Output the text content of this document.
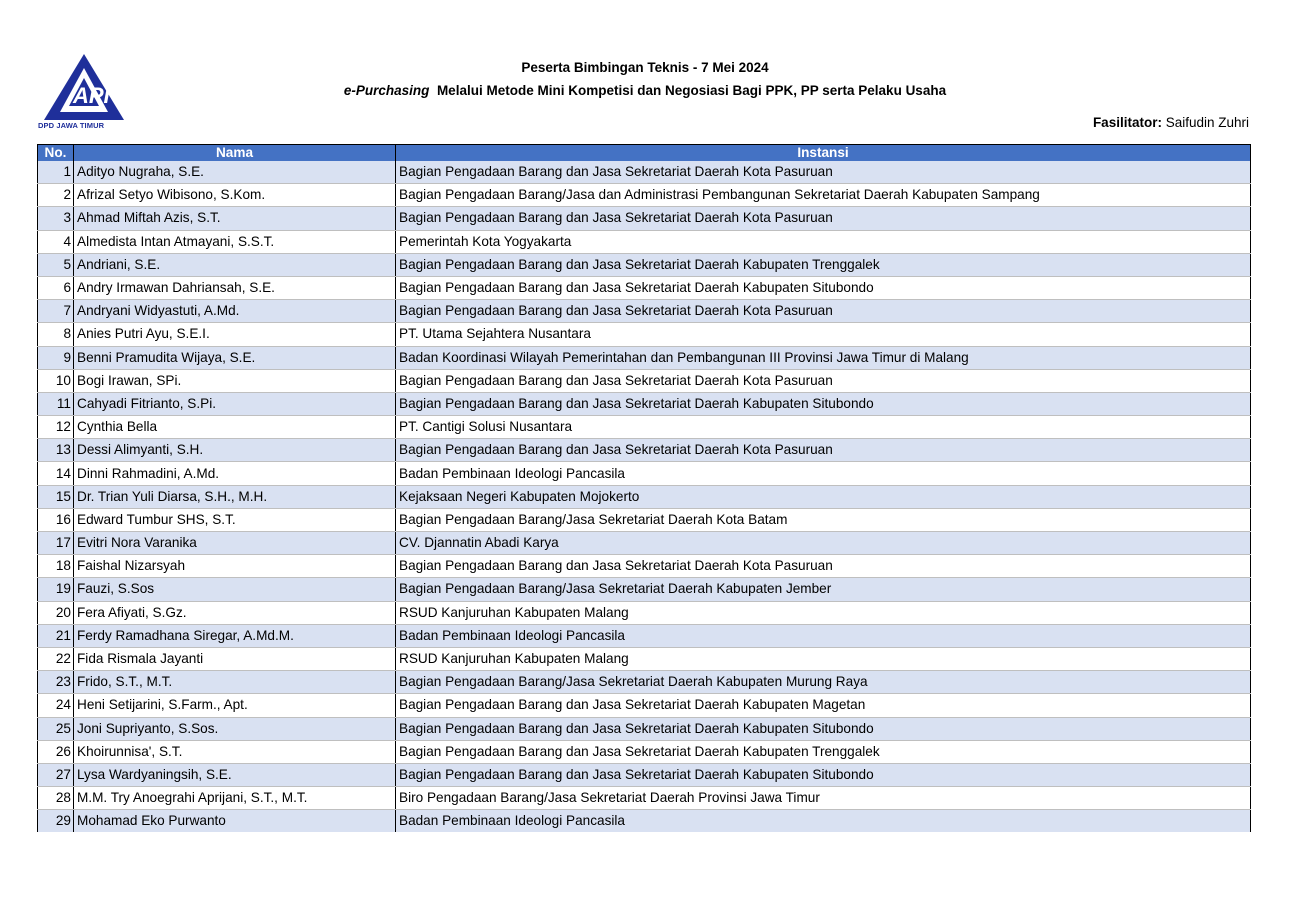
API
DPD JAWA TIMUR
Peserta Bimbingan Teknis - 7 Mei 2024
e-Purchasing  Melalui Metode Mini Kompetisi dan Negosiasi Bagi PPK, PP serta Pelaku Usaha
Fasilitator: Saifudin Zuhri
No.	Nama	Instansi
1	Adityo Nugraha, S.E.	Bagian Pengadaan Barang dan Jasa Sekretariat Daerah Kota Pasuruan
2	Afrizal Setyo Wibisono, S.Kom.	Bagian Pengadaan Barang/Jasa dan Administrasi Pembangunan Sekretariat Daerah Kabupaten Sampang
3	Ahmad Miftah Azis, S.T.	Bagian Pengadaan Barang dan Jasa Sekretariat Daerah Kota Pasuruan
4	Almedista Intan Atmayani, S.S.T.	Pemerintah Kota Yogyakarta
5	Andriani, S.E.	Bagian Pengadaan Barang dan Jasa Sekretariat Daerah Kabupaten Trenggalek
6	Andry Irmawan Dahriansah, S.E.	Bagian Pengadaan Barang dan Jasa Sekretariat Daerah Kabupaten Situbondo
7	Andryani Widyastuti, A.Md.	Bagian Pengadaan Barang dan Jasa Sekretariat Daerah Kota Pasuruan
8	Anies Putri Ayu, S.E.I.	PT. Utama Sejahtera Nusantara
9	Benni Pramudita Wijaya, S.E.	Badan Koordinasi Wilayah Pemerintahan dan Pembangunan III Provinsi Jawa Timur di Malang
10	Bogi Irawan, SPi.	Bagian Pengadaan Barang dan Jasa Sekretariat Daerah Kota Pasuruan
11	Cahyadi Fitrianto, S.Pi.	Bagian Pengadaan Barang dan Jasa Sekretariat Daerah Kabupaten Situbondo
12	Cynthia Bella	PT. Cantigi Solusi Nusantara
13	Dessi Alimyanti, S.H.	Bagian Pengadaan Barang dan Jasa Sekretariat Daerah Kota Pasuruan
14	Dinni Rahmadini, A.Md.	Badan Pembinaan Ideologi Pancasila
15	Dr. Trian Yuli Diarsa, S.H., M.H.	Kejaksaan Negeri Kabupaten Mojokerto
16	Edward Tumbur SHS, S.T.	Bagian Pengadaan Barang/Jasa Sekretariat Daerah Kota Batam
17	Evitri Nora Varanika	CV. Djannatin Abadi Karya
18	Faishal Nizarsyah	Bagian Pengadaan Barang dan Jasa Sekretariat Daerah Kota Pasuruan
19	Fauzi, S.Sos	Bagian Pengadaan Barang/Jasa Sekretariat Daerah Kabupaten Jember
20	Fera Afiyati, S.Gz.	RSUD Kanjuruhan Kabupaten Malang
21	Ferdy Ramadhana Siregar, A.Md.M.	Badan Pembinaan Ideologi Pancasila
22	Fida Rismala Jayanti	RSUD Kanjuruhan Kabupaten Malang
23	Frido, S.T., M.T.	Bagian Pengadaan Barang/Jasa Sekretariat Daerah Kabupaten Murung Raya
24	Heni Setijarini, S.Farm., Apt.	Bagian Pengadaan Barang dan Jasa Sekretariat Daerah Kabupaten Magetan
25	Joni Supriyanto, S.Sos.	Bagian Pengadaan Barang dan Jasa Sekretariat Daerah Kabupaten Situbondo
26	Khoirunnisa', S.T.	Bagian Pengadaan Barang dan Jasa Sekretariat Daerah Kabupaten Trenggalek
27	Lysa Wardyaningsih, S.E.	Bagian Pengadaan Barang dan Jasa Sekretariat Daerah Kabupaten Situbondo
28	M.M. Try Anoegrahi Aprijani, S.T., M.T.	Biro Pengadaan Barang/Jasa Sekretariat Daerah Provinsi Jawa Timur
29	Mohamad Eko Purwanto	Badan Pembinaan Ideologi Pancasila
